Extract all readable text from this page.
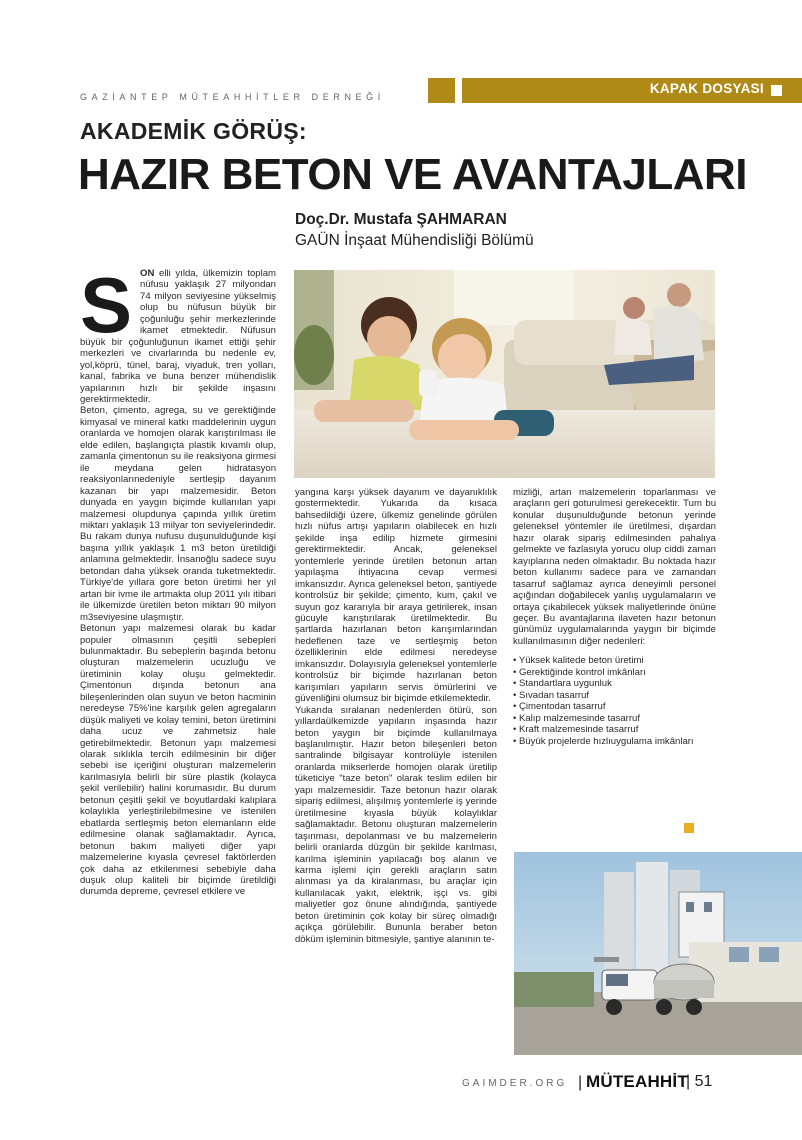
GAZİANTEP MÜTEAHHİTLER DERNEĞİ
KAPAK DOSYASI
AKADEMİK GÖRÜŞ:
HAZIR BETON VE AVANTAJLARI
Doç.Dr. Mustafa ŞAHMARAN
GAÜN İnşaat Mühendisliği Bölümü
S ON elli yılda, ülkemizin toplam nüfusu yaklaşık 27 milyondan 74 milyon seviyesine yükselmiş olup bu nüfusun büyük bir çoğunluğu şehir merkezlerinde ikamet etmektedir. Nüfusun büyük bir çoğunluğunun ikamet ettiği şehir merkezleri ve civarlarında bu nedenle ev, yol,köprü, tünel, baraj, viyaduk, tren yolları, kanal, fabrika ve buna benzer mühendislik yapılarının hızlı bir şekilde inşasını gerektirmektedir.

Beton, çimento, agrega, su ve gerektiğinde kimyasal ve mineral katkı maddelerinin uygun oranlarda ve homojen olarak karıştırılması ile elde edilen, başlangıçta plastik kıvamlı olup, zamanla çimentonun su ile reaksiyona girmesi ile meydana gelen hidratasyon reaksiyonlarınedeniyle sertleşip dayanım kazanan bir yapı malzemesidir. Beton dunyada en yaygın biçimde kullanılan yapı malzemesi olupdunya çapında yıllık üretim miktarı yaklaşık 13 milyar ton seviyelerindedir. Bu rakam dunya nufusu duşunulduğunde kişi başına yıllık yaklaşık 1 m3 beton üretildiği anlamına gelmektedir. İnsanoğlu sadece suyu betondan daha yüksek oranda tuketmektedir. Türkiye'de yıllara gore beton üretimi her yıl artan bir ivme ile artmakta olup 2011 yılı itibari ile ülkemizde üretilen beton miktarı 90 milyon m3seviyesine ulaşmıştır.

Betonun yapı malzemesi olarak bu kadar populer olmasının çeşitli sebepleri bulunmaktadır. Bu sebeplerin başında betonu oluşturan malzemelerin ucuzluğu ve üretiminin kolay oluşu gelmektedir. Çimentonun dışında betonun ana bileşenlerinden olan suyun ve beton hacminin neredeyse 75%'ine karşılık gelen agregaların düşük maliyeti ve kolay temini, beton üretimini daha ucuz ve zahmetsiz hale getirebilmektedir. Betonun yapı malzemesi olarak sıklıkla tercih edilmesinin bir diğer sebebi ise içeriğini oluşturan malzemelerin karılmasıyla belirli bir süre plastik (kolayca şekil verilebilir) halini korumasıdır. Bu durum betonun çeşitli şekil ve boyutlardaki kalıplara kolaylıkla yerleştirilebilmesine ve istenilen ebatlarda sertleşmiş beton elemanların elde edilmesine olanak sağlamaktadır. Ayrıca, betonun bakım maliyeti diğer yapı malzemelerine kıyasla çevresel faktörlerden çok daha az etkilenmesi sebebiyle daha duşuk olup kaliteli bir biçimde üretildiği durumda depreme, çevresel etkilere ve

yangına karşı yüksek dayanım ve dayanıklılık gostermektedir. Yukarıda da kısaca bahsedildiği üzere, ülkemiz genelinde görülen hızlı nüfus artışı yapıların olabilecek en hızlı şekilde inşa edilip hizmete girmesini gerektirmektedir. Ancak, geleneksel yontemlerle yerinde üretilen betonun artan yapılaşma ihtiyacına cevap vermesi imkansızdır. Ayrıca geleneksel beton, şantiyede kontrolsüz bir şekilde; çimento, kum, çakıl ve suyun goz kararıyla bir araya getirilerek, insan gücuyle karıştırılarak üretilmektedir. Bu şartlarda hazırlanan beton karışımlarından hedeflenen taze ve sertleşmiş beton özelliklerinin elde edilmesi neredeyse imkansızdır. Dolayısıyla geleneksel yontemlerle kontrolsüz bir biçimde hazırlanan beton karışımları yapıların servis ömürlerini ve güvenliğini olumsuz bir biçimde etkilemektedir.

Yukarıda sıralanan nedenlerden ötürü, son yıllardaülkemizde yapıların inşasında hazır beton yaygın bir biçimde kullanılmaya başlanılmıştır. Hazır beton bileşenleri beton santralinde bilgisayar kontrolüyle istenilen oranlarda mikserlerde homojen olarak üretilip tüketiciye "taze beton" olarak teslim edilen bir yapı malzemesidir. Taze betonun hazır olarak sipariş edilmesi, alışılmış yontemlerle iş yerinde üretilmesine kıyasla büyük kolaylıklar sağlamaktadır. Betonu oluşturan malzemelerin taşınması, depolanması ve bu malzemelerin belirli oranlarda düzgün bir şekilde karılması, karılma işleminin yapılacağı boş alanın ve karma işlemi için gerekli araçların satın alınması ya da kiralanması, bu araçlar için kullanılacak yakıt, elektrik, işçi vs. gibi maliyetler goz önune alındığında, şantiyede beton üretiminin çok kolay bir süreç olmadığı açıkça görülebilir. Bununla beraber beton döküm işleminin bitmesiyle, şantiye alanının te-

mizliği, artan malzemelerin toparlanması ve araçların geri goturulmesi gerekecektir. Tum bu konular duşunulduğunde betonun yerinde geleneksel yöntemler ile üretilmesi, dışardan hazır olarak sipariş edilmesinden pahalıya gelmekte ve fazlasıyla yorucu olup ciddi zaman kayıplarına neden olmaktadır. Bu noktada hazır beton kullanımı sadece para ve zamandan tasarruf sağlamaz ayrıca deneyimli personel açığından doğabilecek yanlış uygulamaların ve ortaya çıkabilecek yüksek maliyetlerinde önüne geçer. Bu avantajlarına ilaveten hazır betonun günümüz uygulamalarında yaygın bir biçimde kullanılmasının diğer nedenleri:

• Yüksek kalitede beton üretimi
• Gerektiğinde kontrol imkânları
• Standartlara uygunluk
• Sıvadan tasarruf
• Çimentodan tasarruf
• Kalıp malzemesinde tasarruf
• Kraft malzemesinde tasarruf
• Büyük projelerde hızlıuygulama imkânları
GAIMDER.ORG | MÜTEAHHİT
| 51
